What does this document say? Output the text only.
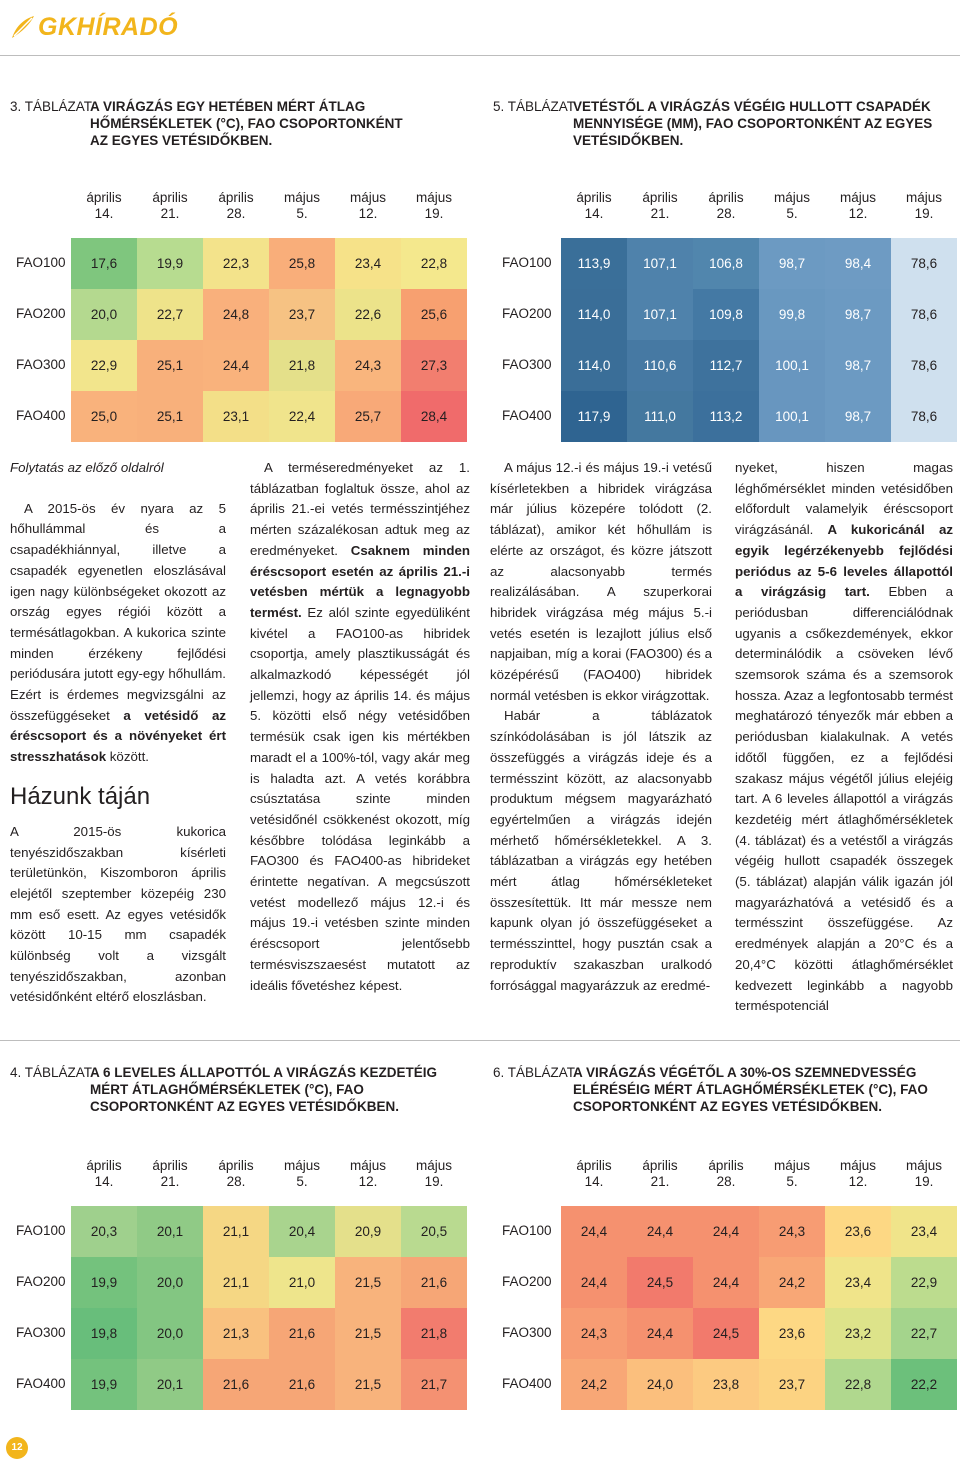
GKHÍRADÓ
3. TÁBLÁZAT
A VIRÁGZÁS EGY HETÉBEN MÉRT ÁTLAG
HŐMÉRSÉKLETEK (°C), FAO CSOPORTONKÉNT
AZ EGYES VETÉSIDŐKBEN.
április
14.
április
21.
április
28.
május
5.
május
12.
május
19.
FAO100	17,6	19,9	22,3	25,8	23,4	22,8
FAO200	20,0	22,7	24,8	23,7	22,6	25,6
FAO300	22,9	25,1	24,4	21,8	24,3	27,3
FAO400	25,0	25,1	23,1	22,4	25,7	28,4
5. TÁBLÁZAT
VETÉSTŐL A VIRÁGZÁS VÉGÉIG HULLOTT CSAPADÉK
MENNYISÉGE (MM), FAO CSOPORTONKÉNT AZ EGYES
VETÉSIDŐKBEN.
április
14.
április
21.
április
28.
május
5.
május
12.
május
19.
FAO100	113,9	107,1	106,8	98,7	98,4	78,6
FAO200	114,0	107,1	109,8	99,8	98,7	78,6
FAO300	114,0	110,6	112,7	100,1	98,7	78,6
FAO400	117,9	111,0	113,2	100,1	98,7	78,6
4. TÁBLÁZAT
A 6 LEVELES ÁLLAPOTTÓL A VIRÁGZÁS KEZDETÉIG
MÉRT ÁTLAGHŐMÉRSÉKLETEK (°C), FAO
CSOPORTONKÉNT AZ EGYES VETÉSIDŐKBEN.
április
14.
április
21.
április
28.
május
5.
május
12.
május
19.
FAO100	20,3	20,1	21,1	20,4	20,9	20,5
FAO200	19,9	20,0	21,1	21,0	21,5	21,6
FAO300	19,8	20,0	21,3	21,6	21,5	21,8
FAO400	19,9	20,1	21,6	21,6	21,5	21,7
6. TÁBLÁZAT
A VIRÁGZÁS VÉGÉTŐL A 30%-OS SZEMNEDVESSÉG
ELÉRÉSÉIG MÉRT ÁTLAGHŐMÉRSÉKLETEK (°C), FAO
CSOPORTONKÉNT AZ EGYES VETÉSIDŐKBEN.
április
14.
április
21.
április
28.
május
5.
május
12.
május
19.
FAO100	24,4	24,4	24,4	24,3	23,6	23,4
FAO200	24,4	24,5	24,4	24,2	23,4	22,9
FAO300	24,3	24,4	24,5	23,6	23,2	22,7
FAO400	24,2	24,0	23,8	23,7	22,8	22,2

Folytatás az előző oldalról

A 2015-ös év nyara az 5 hőhullámmal és a csapadékhiánnyal, illetve a csapadék egyenetlen eloszlásával igen nagy különbségeket okozott az ország egyes régiói között a termésátlagokban. A kukorica szinte minden érzékeny fejlődési periódusára jutott egy-egy hőhullám. Ezért is érdemes megvizsgálni az összefüggéseket a vetésidő az éréscsoport és a növényeket ért stresszhatások között.

Házunk táján

A 2015-ös kukorica tenyészidőszakban kísérleti területünkön, Kiszomboron április elejétől szeptember közepéig 230 mm eső esett. Az egyes vetésidők között 10-15 mm csapadék különbség volt a vizsgált tenyészidőszakban, azonban vetésidőnként eltérő eloszlásban.

A terméseredményeket az 1. táblázatban foglaltuk össze, ahol az április 21.-ei vetés termésszintjéhez mérten százalékosan adtuk meg az eredményeket. Csaknem minden éréscsoport esetén az április 21.-i vetésben mértük a legnagyobb termést. Ez alól szinte egyedüliként kivétel a FAO100-as hibridek csoportja, amely plasztikusságát és alkalmazkodó képességét jól jellemzi, hogy az április 14. és május 5. közötti első négy vetésidőben termésük csak igen kis mértékben maradt el a 100%-tól, vagy akár meg is haladta azt. A vetés korábbra csúsztatása szinte minden vetésidőnél csökkenést okozott, míg későbbre tolódása leginkább a FAO300 és FAO400-as hibrideket érintette negatívan. A megcsúszott vetést modellező május 12.-i és május 19.-i vetésben szinte minden éréscsoport jelentősebb termésviszszaesést mutatott az ideális fővetéshez képest.

A május 12.-i és május 19.-i vetésű kísérletekben a hibridek virágzása már július közepére tolódott (2. táblázat), amikor két hőhullám is elérte az országot, és közre játszott az alacsonyabb termés realizálásában. A szuperkorai hibridek virágzása még május 5.-i vetés esetén is lezajlott július első napjaiban, míg a korai (FAO300) és a középérésű (FAO400) hibridek normál vetésben is ekkor virágzottak.

Habár a táblázatok színkódolásában is jól látszik az összefüggés a virágzás ideje és a termésszint között, az alacsonyabb produktum mégsem magyarázható egyértelműen a virágzás idején mérhető hőmérsékletekkel. A 3. táblázatban a virágzás egy hetében mért átlag hőmérsékleteket összesítettük. Itt már messze nem kapunk olyan jó összefüggéseket a termésszinttel, hogy pusztán csak a reproduktív szakaszban uralkodó forrósággal magyarázzuk az eredmé-

nyeket, hiszen magas léghőmérséklet minden vetésidőben előfordult valamelyik éréscsoport virágzásánál. A kukoricánál az egyik legérzékenyebb fejlődési periódus az 5-6 leveles állapottól a virágzásig tart. Ebben a periódusban differenciálódnak ugyanis a csőkezdemények, ekkor determinálódik a csöveken lévő szemsorok száma és a szemsorok hossza. Azaz a legfontosabb termést meghatározó tényezők már ebben a periódusban kialakulnak. A vetés időtől függően, ez a fejlődési szakasz május végétől július elejéig tart. A 6 leveles állapottól a virágzás kezdetéig mért átlaghőmérsékletek (4. táblázat) és a vetéstől a virágzás végéig hullott csapadék összegek (5. táblázat) alapján válik igazán jól magyarázhatóvá a vetésidő és a termésszint összefüggése. Az eredmények alapján a 20°C és a 20,4°C közötti átlaghőmérséklet kedvezett leginkább a nagyobb terméspotenciál

12
